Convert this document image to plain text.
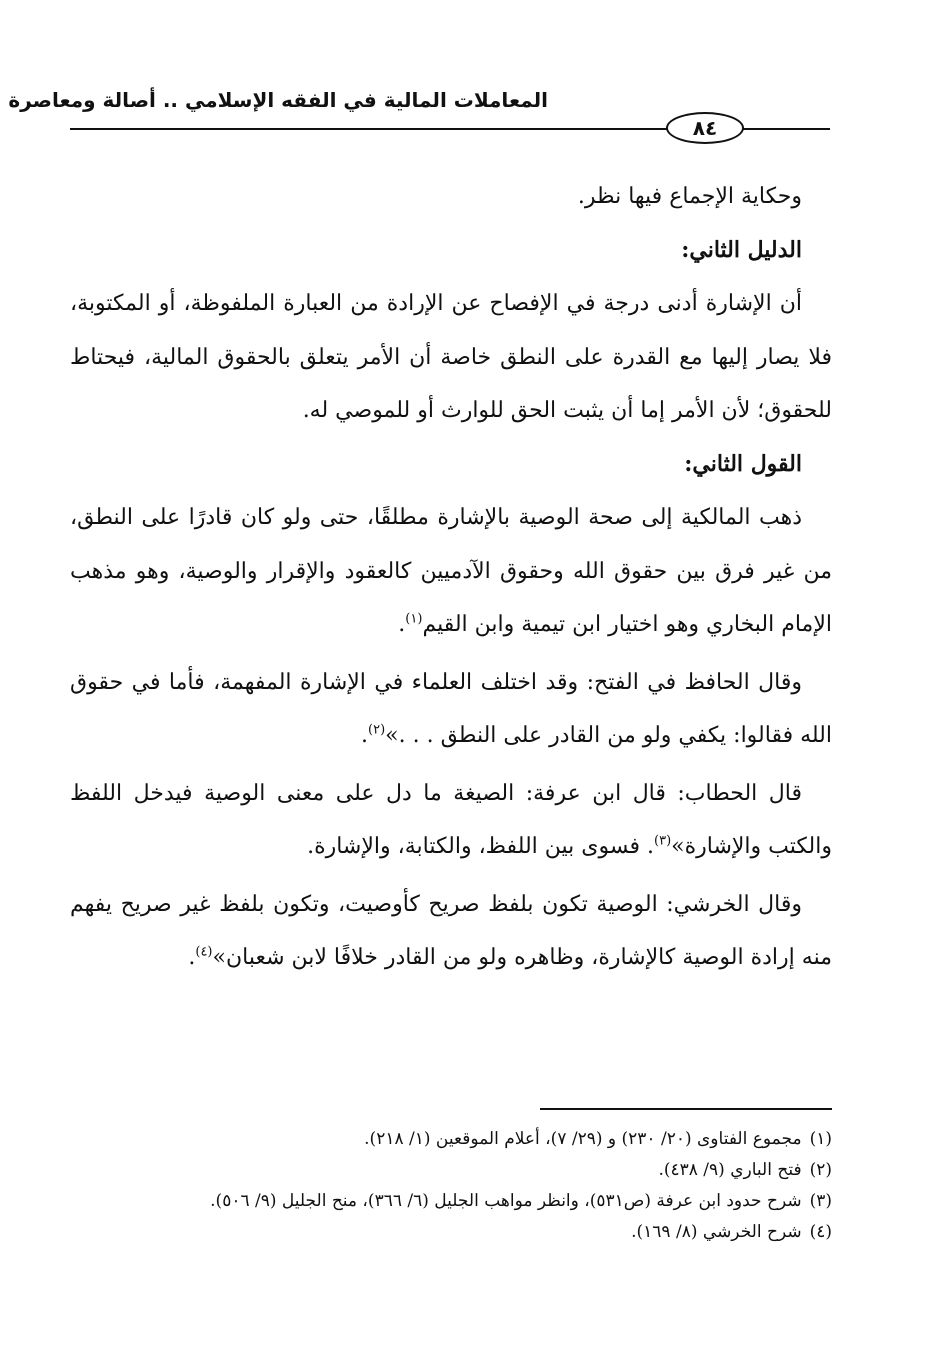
المعاملات المالية في الفقه الإسلامي .. أصالة ومعاصرة
٨٤

وحكاية الإجماع فيها نظر.

الدليل الثاني:

أن الإشارة أدنى درجة في الإفصاح عن الإرادة من العبارة الملفوظة، أو المكتوبة، فلا يصار إليها مع القدرة على النطق خاصة أن الأمر يتعلق بالحقوق المالية، فيحتاط للحقوق؛ لأن الأمر إما أن يثبت الحق للوارث أو للموصي له.

القول الثاني:

ذهب المالكية إلى صحة الوصية بالإشارة مطلقًا، حتى ولو كان قادرًا على النطق، من غير فرق بين حقوق الله وحقوق الآدميين كالعقود والإقرار والوصية، وهو مذهب الإمام البخاري وهو اختيار ابن تيمية وابن القيم$^{(١)}$.

وقال الحافظ في الفتح: وقد اختلف العلماء في الإشارة المفهمة، فأما في حقوق الله فقالوا: يكفي ولو من القادر على النطق . . .»$^{(٢)}$.

قال الحطاب: قال ابن عرفة: الصيغة ما دل على معنى الوصية فيدخل اللفظ والكتب والإشارة»$^{(٣)}$. فسوى بين اللفظ، والكتابة، والإشارة.

وقال الخرشي: الوصية تكون بلفظ صريح كأوصيت، وتكون بلفظ غير صريح يفهم منه إرادة الوصية كالإشارة، وظاهره ولو من القادر خلافًا لابن شعبان»$^{(٤)}$.

(١)مجموع الفتاوى (٢٠/ ٢٣٠) و (٢٩/ ٧)، أعلام الموقعين (١/ ٢١٨).

(٢)فتح الباري (٩/ ٤٣٨).

(٣)شرح حدود ابن عرفة (ص٥٣١)، وانظر مواهب الجليل (٦/ ٣٦٦)، منح الجليل (٩/ ٥٠٦).

(٤)شرح الخرشي (٨/ ١٦٩).
